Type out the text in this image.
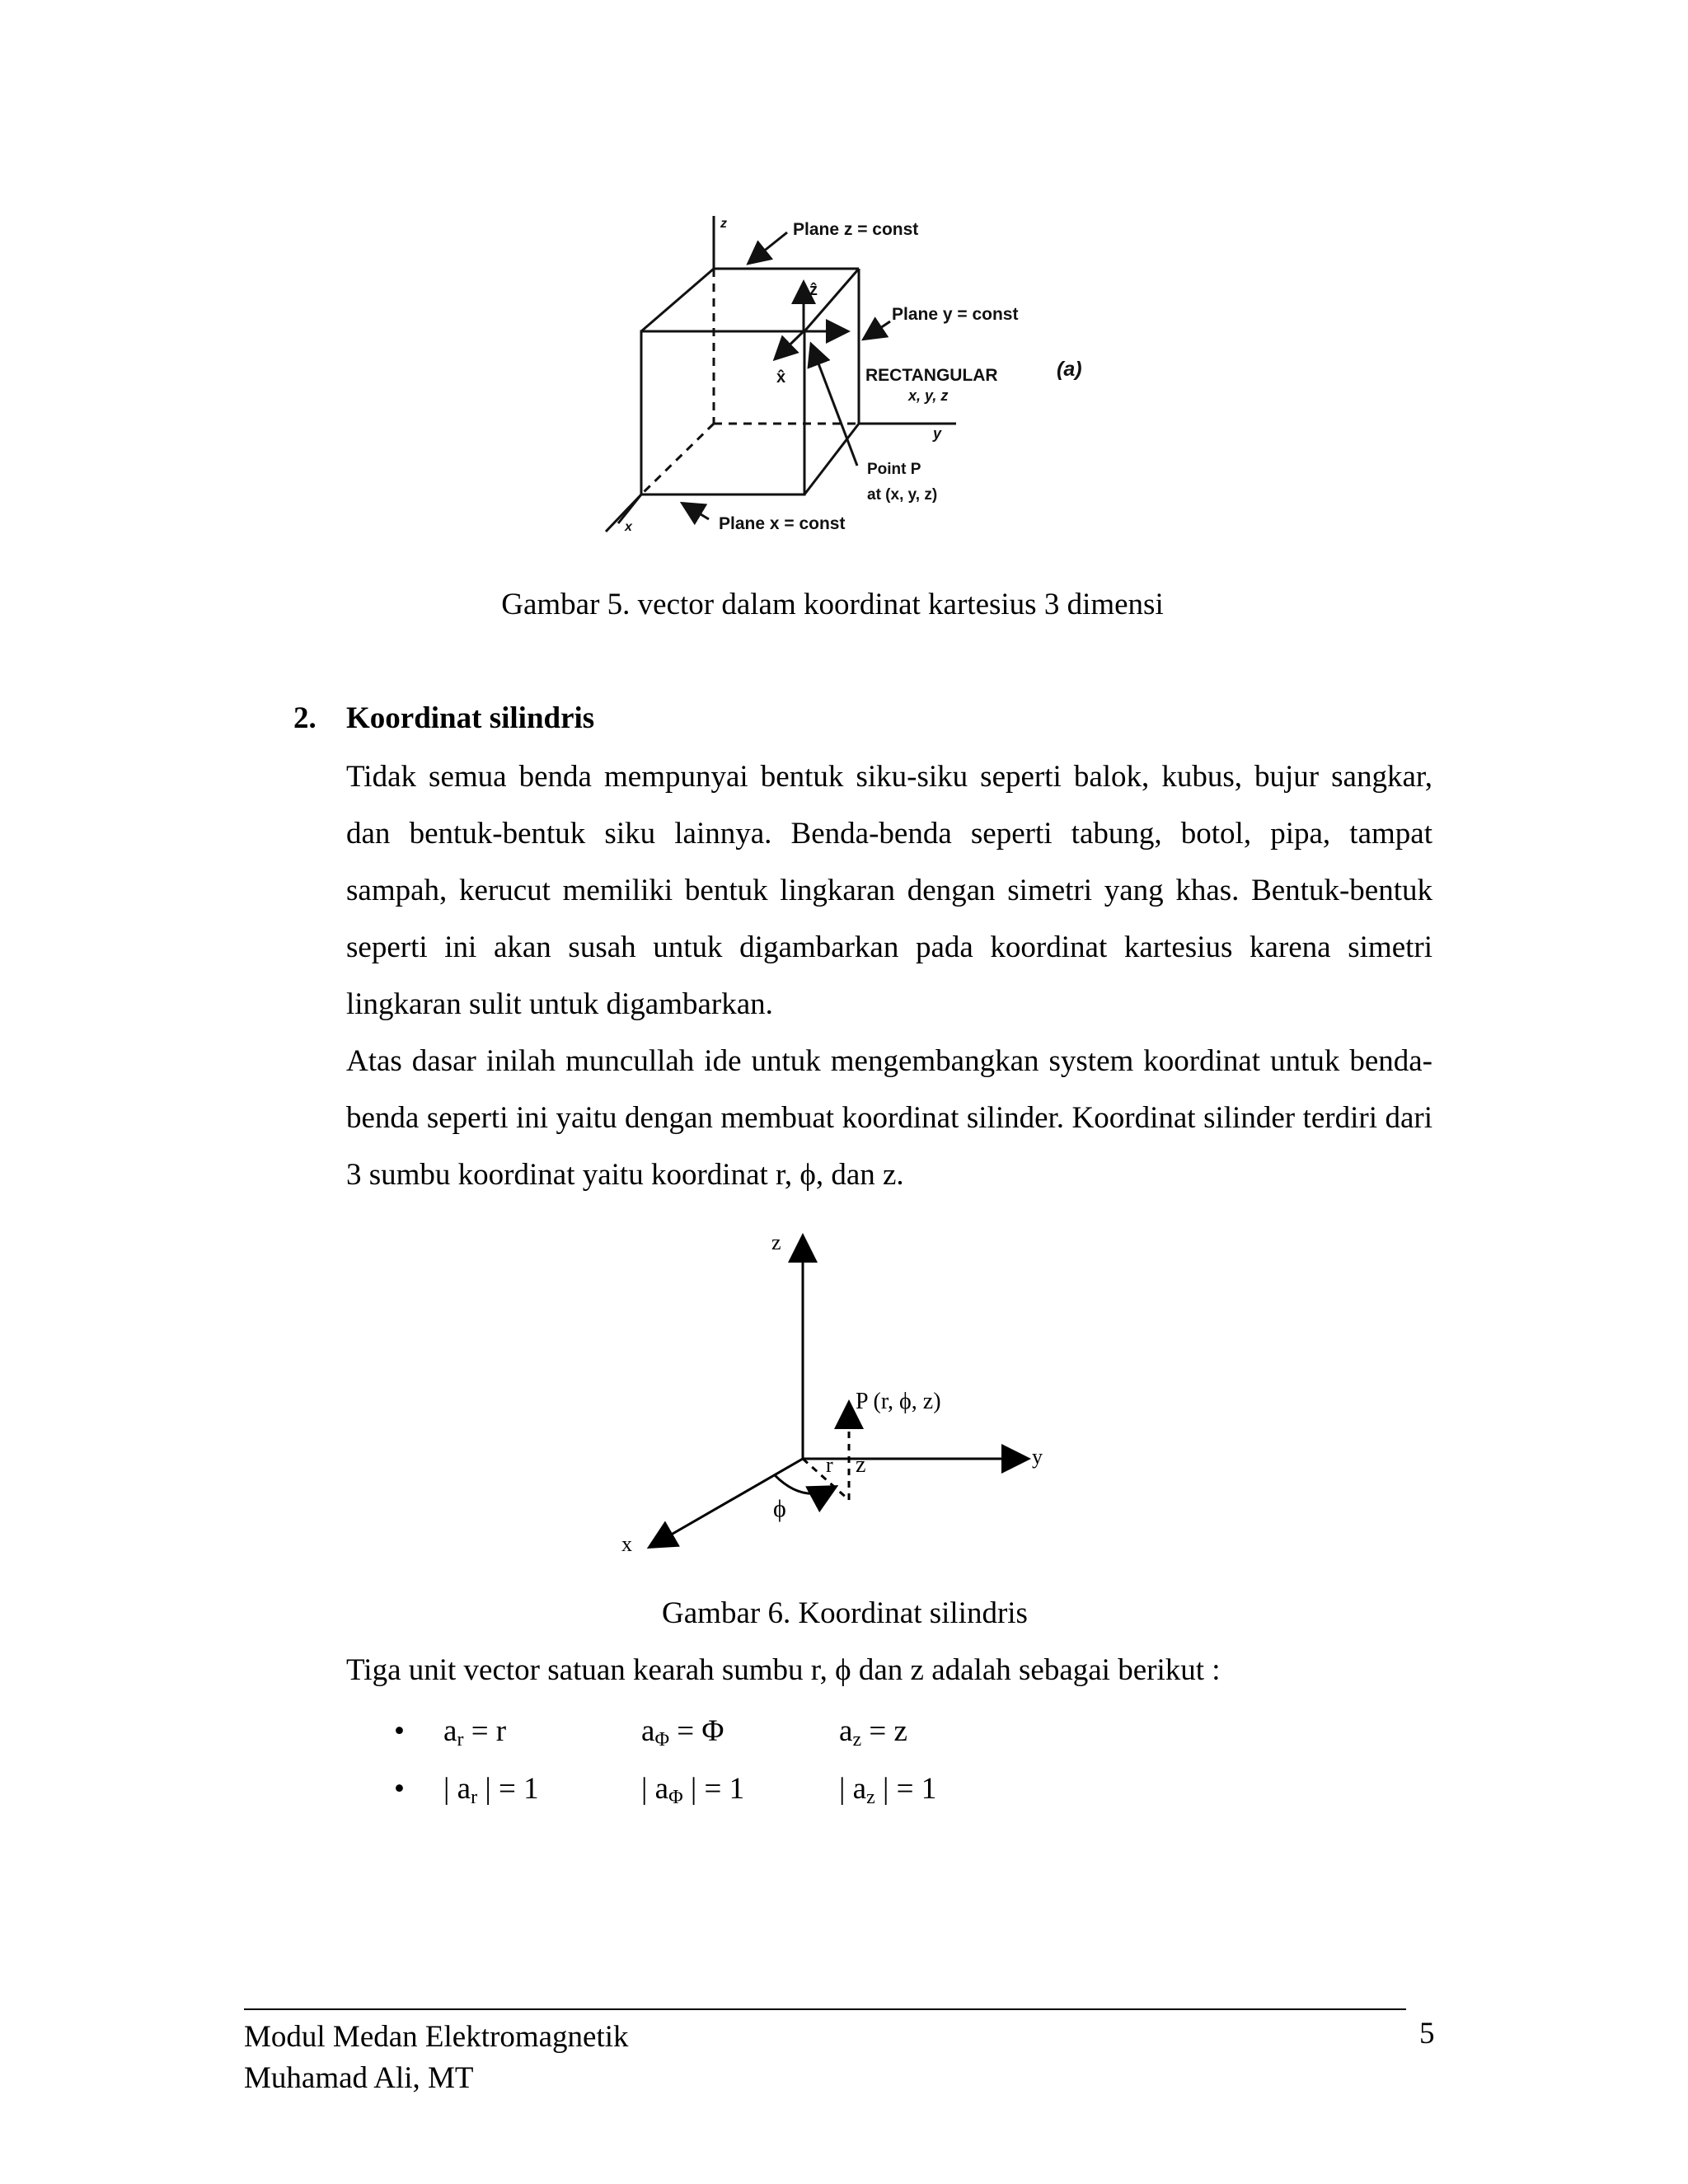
z	Plane z = const
ẑ
Plane y = const
x̂	RECTANGULAR	(a)
x, y, z
y
Point P
at (x, y, z)
Plane x = const
x
Gambar 5. vector dalam koordinat kartesius 3 dimensi
2. Koordinat silindris
Tidak semua benda mempunyai bentuk siku-siku seperti balok, kubus, bujur sangkar, dan bentuk-bentuk siku lainnya. Benda-benda seperti tabung, botol, pipa, tampat sampah, kerucut memiliki bentuk lingkaran dengan simetri yang khas. Bentuk-bentuk seperti ini akan susah untuk digambarkan pada koordinat kartesius karena simetri lingkaran sulit untuk digambarkan.
Atas dasar inilah muncullah ide untuk mengembangkan system koordinat untuk benda-benda seperti ini yaitu dengan membuat koordinat silinder. Koordinat silinder terdiri dari 3 sumbu koordinat yaitu koordinat r, ϕ, dan z.
z
P (r, ϕ, z)
y
r z
ϕ
x
Gambar 6. Koordinat silindris
Tiga unit vector satuan kearah sumbu r, ϕ dan z adalah sebagai berikut :
• $a_r = r$	$a_\Phi = \Phi$	$a_z = z$
• | $a_r$ | = 1	| $a_\Phi$ | = 1	| $a_z$ | = 1
Modul Medan Elektromagnetik
Muhamad Ali, MT
5
